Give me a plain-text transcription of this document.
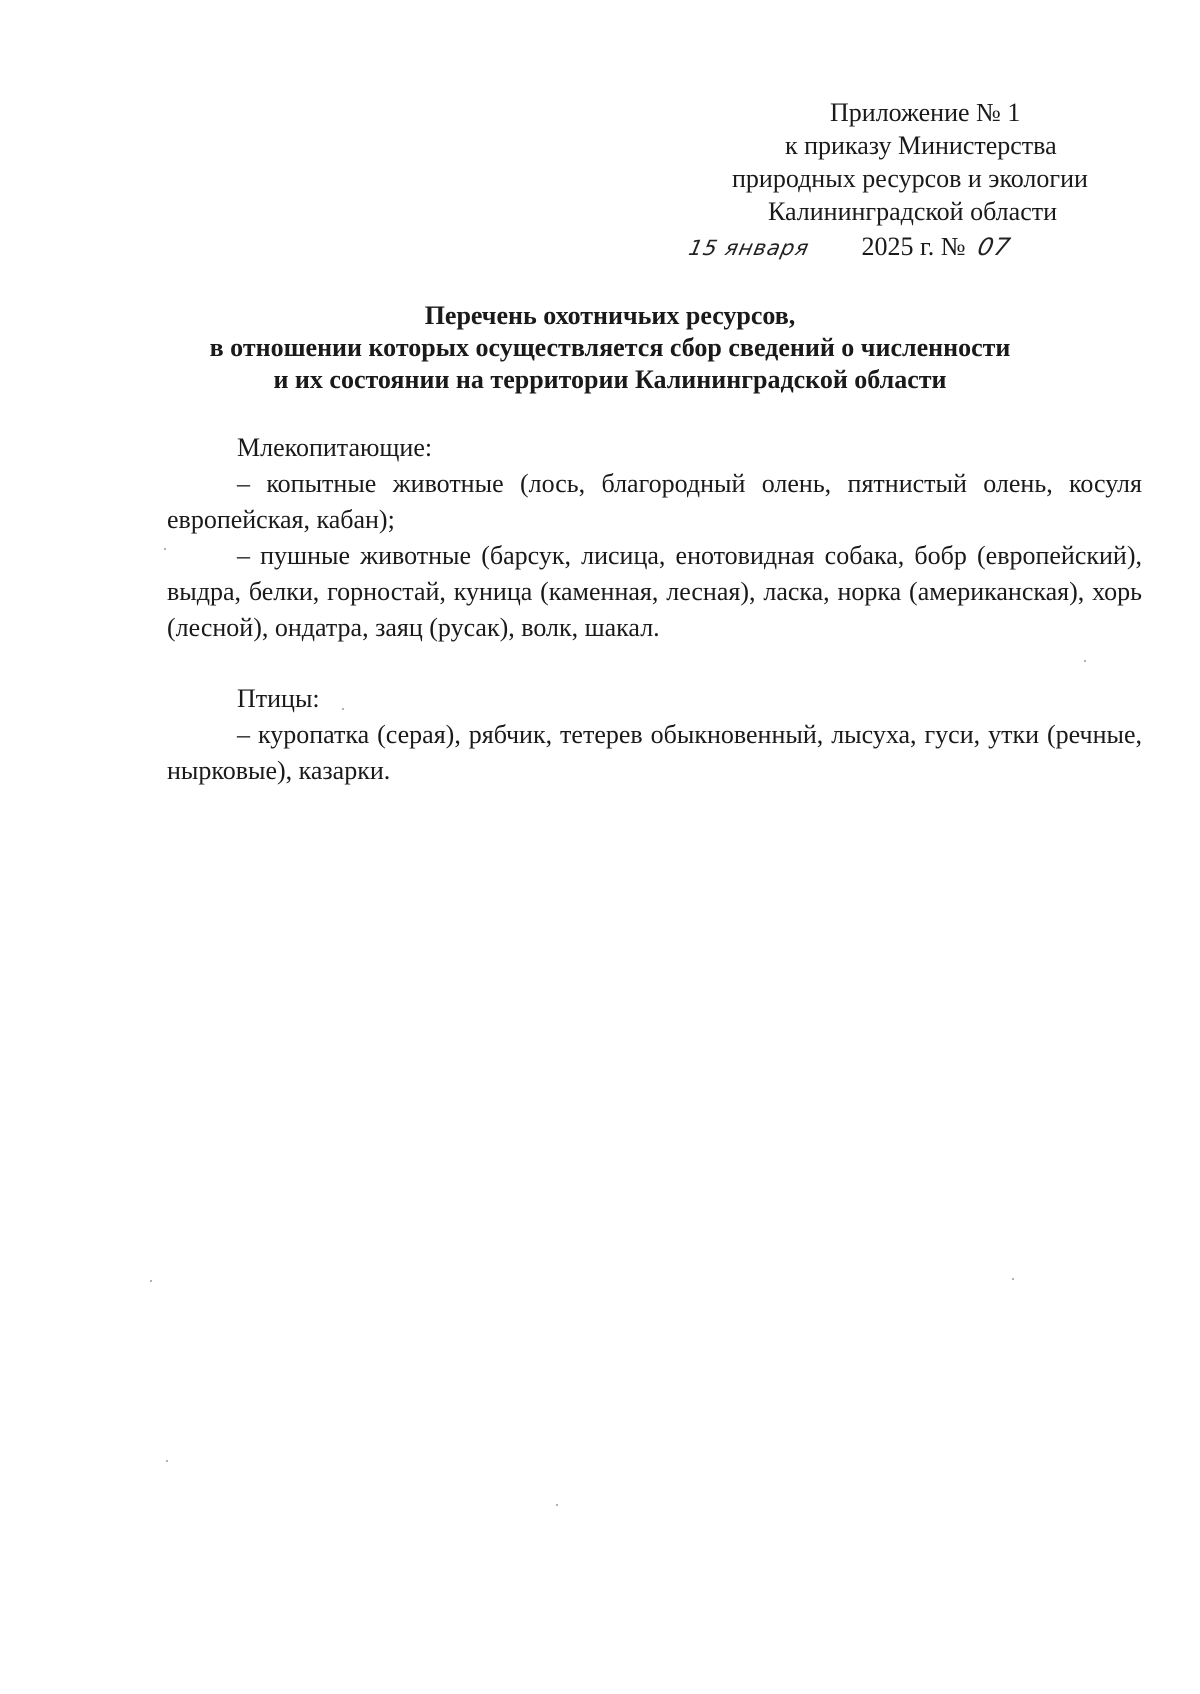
Приложение № 1
к приказу Министерства
природных ресурсов и экологии
Калининградской области
15 января 2025 г. № 07
Перечень охотничьих ресурсов,
в отношении которых осуществляется сбор сведений о численности
и их состоянии на территории Калининградской области

Млекопитающие:

– копытные животные (лось, благородный олень, пятнистый олень, косуля европейская, кабан);

– пушные животные (барсук, лисица, енотовидная собака, бобр (европейский), выдра, белки, горностай, куница (каменная, лесная), ласка, норка (американская), хорь (лесной), ондатра, заяц (русак), волк, шакал.

Птицы:

– куропатка (серая), рябчик, тетерев обыкновенный, лысуха, гуси, утки (речные, нырковые), казарки.
